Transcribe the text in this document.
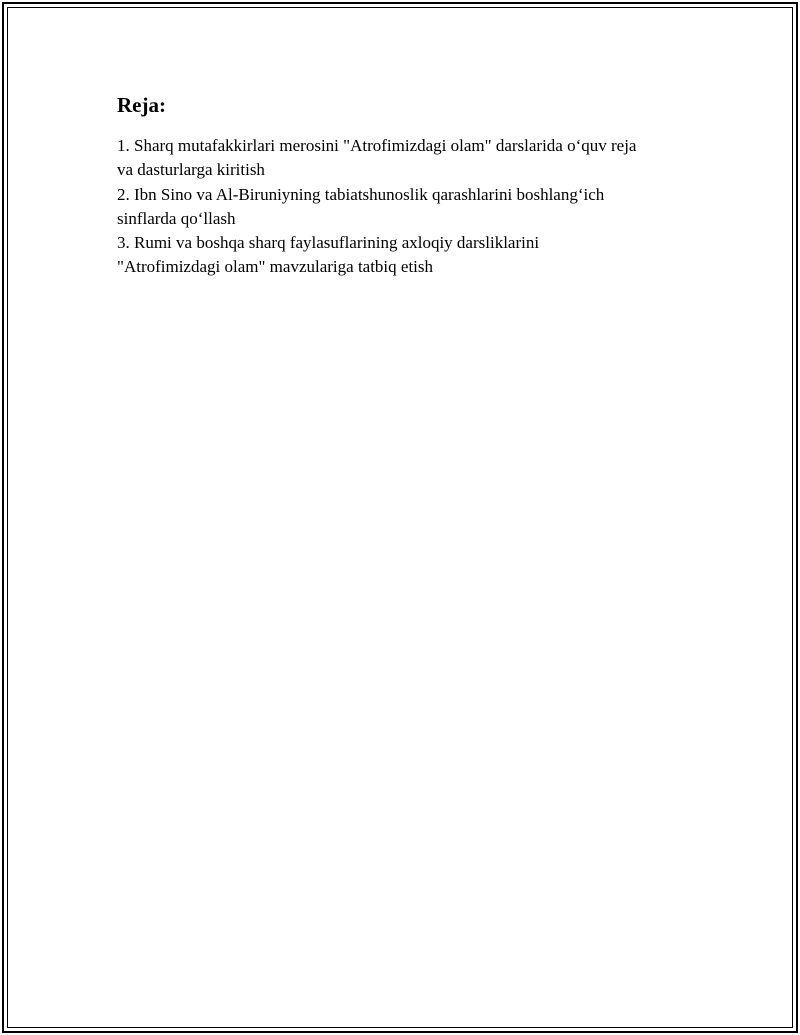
Reja:
1. Sharq mutafakkirlari merosini "Atrofimizdagi olam" darslarida o‘quv reja
va dasturlarga kiritish
2. Ibn Sino va Al-Biruniyning tabiatshunoslik qarashlarini boshlang‘ich
sinflarda qo‘llash
3. Rumi va boshqa sharq faylasuflarining axloqiy darsliklarini
"Atrofimizdagi olam" mavzulariga tatbiq etish
